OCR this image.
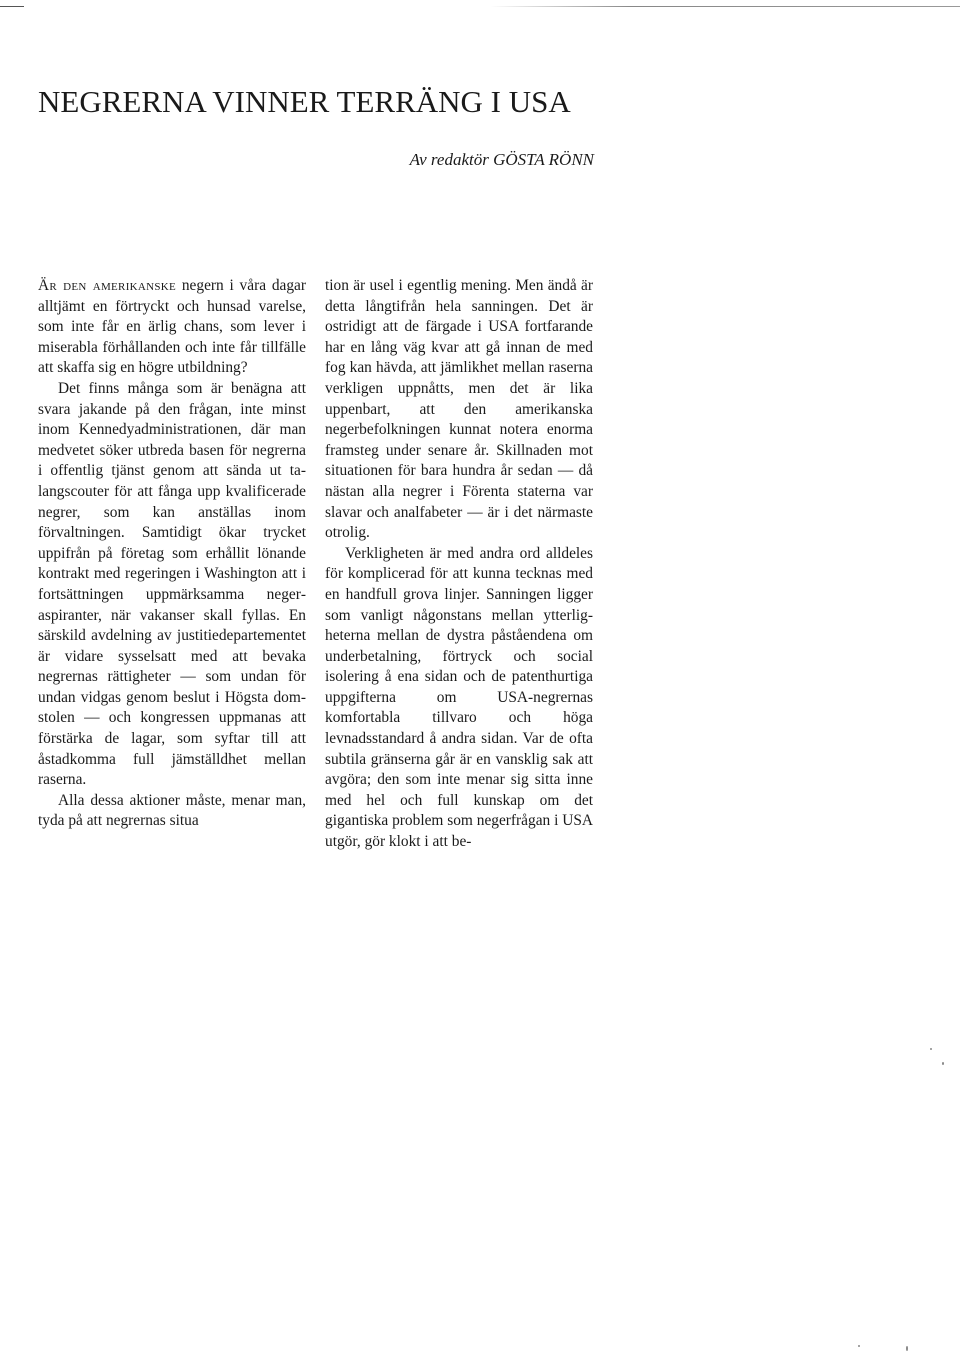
NEGRERNA VINNER TERRÄNG I USA
Av redaktör GÖSTA RÖNN

Är den amerikanske negern i våra dagar alltjämt en förtryckt och hunsad varelse, som inte får en ärlig chans, som lever i miserabla förhållanden och inte får tillfälle att skaffa sig en högre utbildning?

Det finns många som är benägna att svara jakande på den frågan, inte minst inom Kennedyadministrationen, där man medvetet söker utbreda basen för negrerna i offentlig tjänst genom att sända ut talangscouter för att fånga upp kvalificerade negrer, som kan anställas inom förvaltningen. Samtidigt ökar trycket uppifrån på företag som erhållit lönande kontrakt med regeringen i Washington att i fortsättningen uppmärksamma negeraspiranter, när vakanser skall fyllas. En särskild avdelning av justitiedepartementet är vidare sysselsatt med att bevaka negrernas rättigheter — som undan för undan vidgas genom beslut i Högsta domstolen — och kongressen uppmanas att förstärka de lagar, som syftar till att åstadkomma full jämställdhet mellan raserna.

Alla dessa aktioner måste, menar man, tyda på att negrernas situa

tion är usel i egentlig mening. Men ändå är detta långtifrån hela sanningen. Det är ostridigt att de färgade i USA fortfarande har en lång väg kvar att gå innan de med fog kan hävda, att jämlikhet mellan raserna verkligen uppnåtts, men det är lika uppenbart, att den amerikanska negerbefolkningen kunnat notera enorma framsteg under senare år. Skillnaden mot situationen för bara hundra år sedan — då nästan alla negrer i Förenta staterna var slavar och analfabeter — är i det närmaste otrolig.

Verkligheten är med andra ord alldeles för komplicerad för att kunna tecknas med en handfull grova linjer. Sanningen ligger som vanligt någonstans mellan ytterligheterna mellan de dystra påståendena om underbetalning, förtryck och social isolering å ena sidan och de patenthurtiga uppgifterna om USA-negrernas komfortabla tillvaro och höga levnadsstandard å andra sidan. Var de ofta subtila gränserna går är en vansklig sak att avgöra; den som inte menar sig sitta inne med hel och full kunskap om det gigantiska problem som negerfrågan i USA utgör, gör klokt i att be-
